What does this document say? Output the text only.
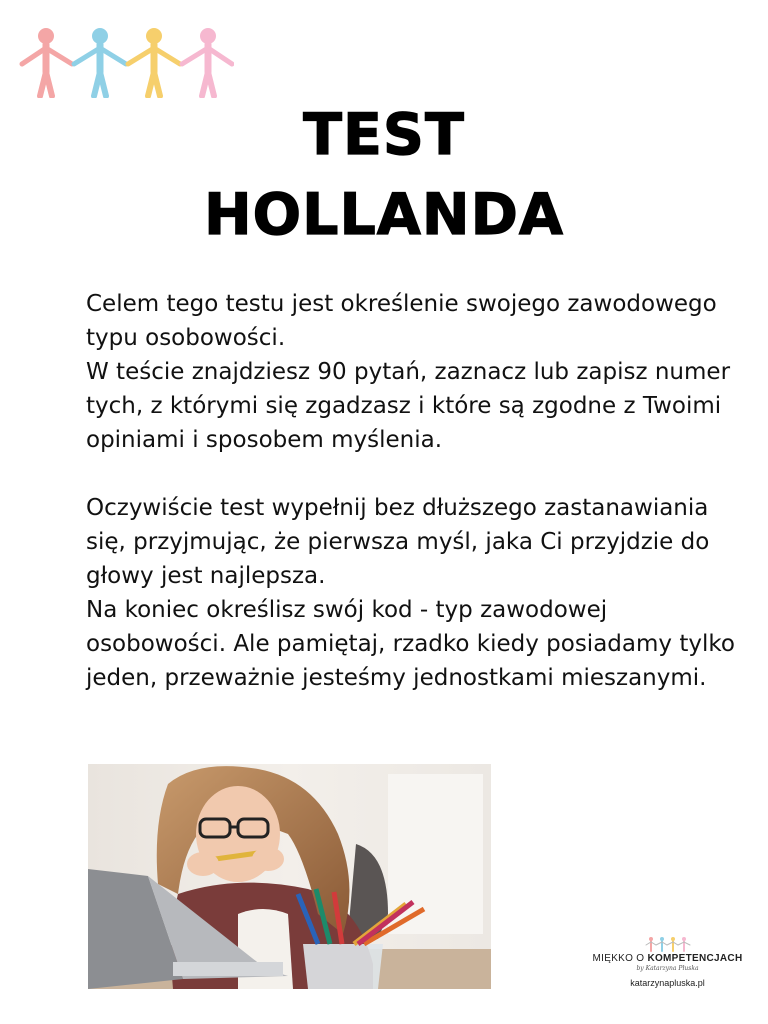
TEST
HOLLANDA
Celem tego testu jest określenie swojego zawodowego typu osobowości.
W teście znajdziesz 90 pytań, zaznacz lub zapisz numer tych, z którymi się zgadzasz i które są zgodne z Twoimi opiniami i sposobem myślenia.
Oczywiście test wypełnij bez dłuższego zastanawiania się, przyjmując, że pierwsza myśl, jaka Ci przyjdzie do głowy jest najlepsza.
Na koniec określisz swój kod - typ zawodowej osobowości. Ale pamiętaj, rzadko kiedy posiadamy tylko jeden, przeważnie jesteśmy jednostkami mieszanymi.
MIĘKKO O KOMPETENCJACH
by Katarzyna Płuska
katarzynapluska.pl
